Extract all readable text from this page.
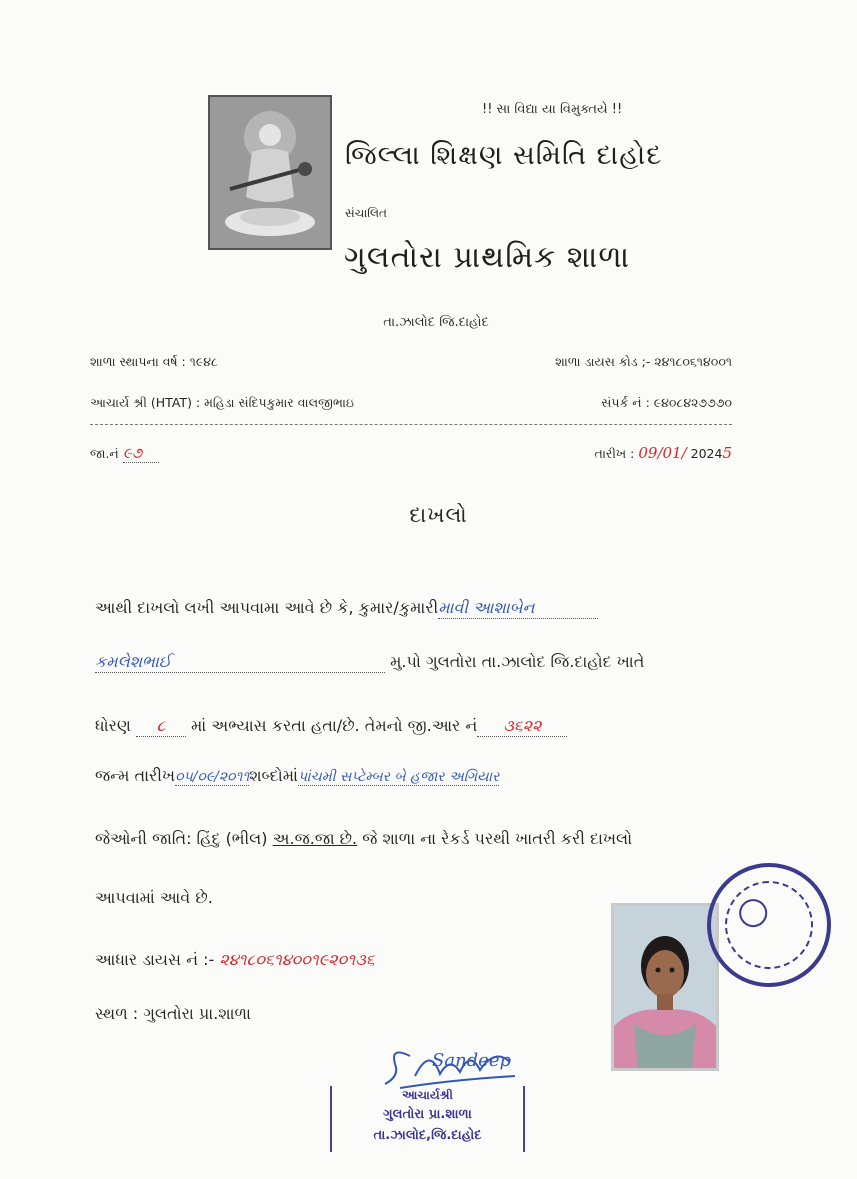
!! સા વિદ્યા યા વિમુક્તયે !!
જિલ્લા શિક્ષણ સમિતિ દાહોદ
સંચાલિત
ગુલતોરા પ્રાથમિક શાળા
તા.ઝાલોદ જિ.દાહોદ
શાળા સ્થાપના વર્ષ : ૧૯૪૮	શાળા ડાયસ કોડ ;- ૨૪૧૮૦૬૧૪૦૦૧
આચાર્ય શ્રી (HTAT) : મહિડા સંદિપકુમાર વાલજીભાઇ	સંપર્ક નં : ૯૪૦૮૪૨૭૭૭૦
જા.નં ૯૭	તારીખ : 09/01/ 20245
દાખલો
આથી દાખલો લખી આપવામા આવે છે કે, કુમાર/કુમારીમાવી આશાબેન
કમલેશભાઈ	મુ.પો ગુલતોરા તા.ઝાલોદ જિ.દાહોદ ખાતે
ધોરણ ૮ માં અભ્યાસ કરતા હતા/છે. તેમનો જી.આર નં ૩૬૨૨
જન્મ તારીખ૦૫/૦૯/૨૦૧૧શબ્દોમાંપાંચમી સપ્ટેમ્બર બે હજાર અગિયાર
જેઓની જાતિ: હિંદુ (ભીલ) અ.જ.જા છે. જે શાળા ના રેકર્ડ પરથી ખાતરી કરી દાખલો
આપવામાં આવે છે.
આધાર ડાયસ નં :- ૨૪૧૮૦૬૧૪૦૦૧૯૨૦૧૩૬
સ્થળ : ગુલતોરા પ્રા.શાળા
Sandeep
આચાર્યશ્રી
ગુલતોરા પ્રા.શાળા
તા.ઝાલોદ,જિ.દાહોદ
